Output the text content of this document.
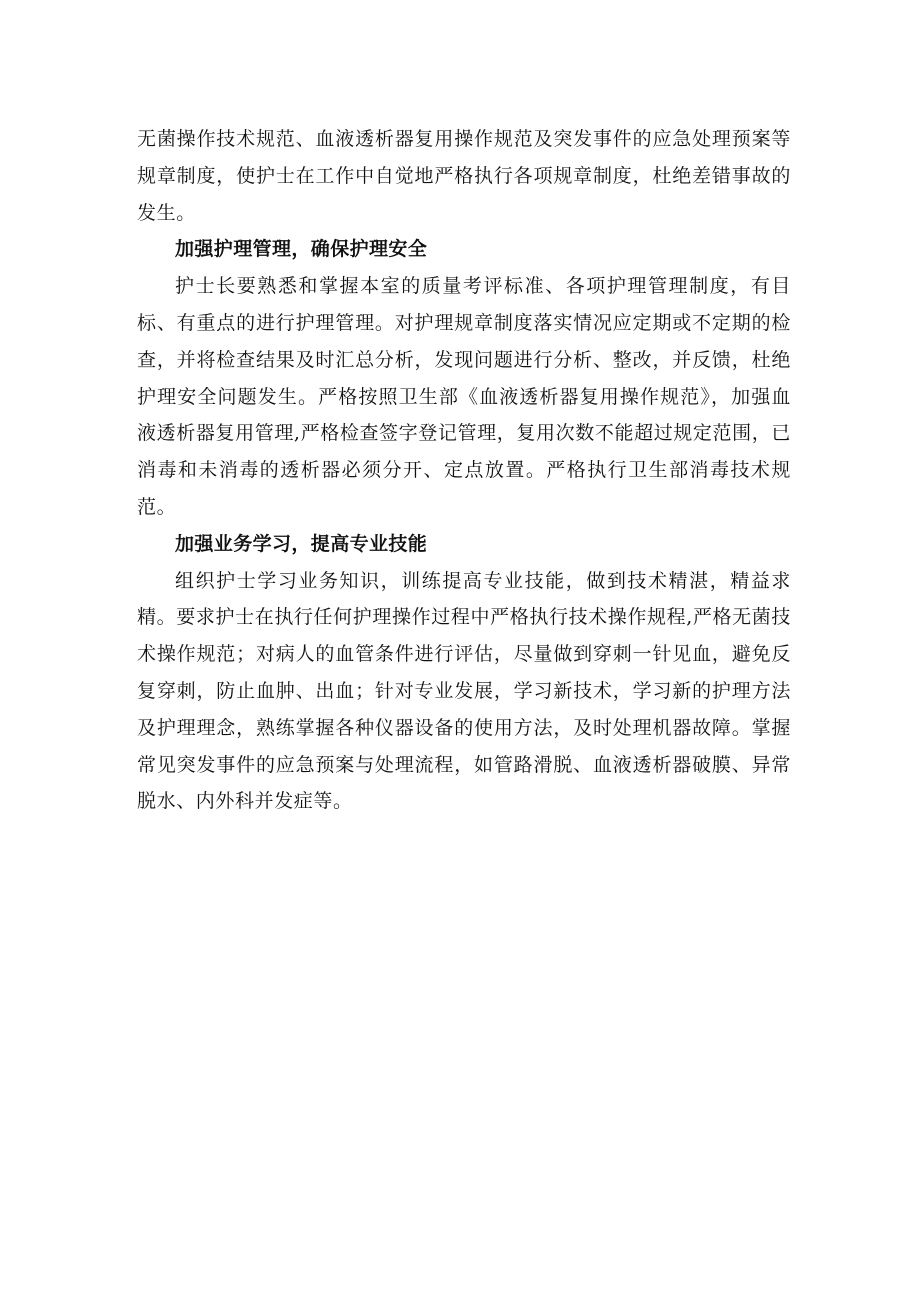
无菌操作技术规范、血液透析器复用操作规范及突发事件的应急处理预案等规章制度，使护士在工作中自觉地严格执行各项规章制度，杜绝差错事故的发生。

加强护理管理，确保护理安全

护士长要熟悉和掌握本室的质量考评标准、各项护理管理制度，有目标、有重点的进行护理管理。对护理规章制度落实情况应定期或不定期的检查，并将检查结果及时汇总分析，发现问题进行分析、整改，并反馈，杜绝护理安全问题发生。严格按照卫生部《血液透析器复用操作规范》，加强血液透析器复用管理,严格检查签字登记管理，复用次数不能超过规定范围，已消毒和未消毒的透析器必须分开、定点放置。严格执行卫生部消毒技术规范。

加强业务学习，提高专业技能

组织护士学习业务知识，训练提高专业技能，做到技术精湛，精益求精。要求护士在执行任何护理操作过程中严格执行技术操作规程,严格无菌技术操作规范；对病人的血管条件进行评估，尽量做到穿刺一针见血，避免反复穿刺，防止血肿、出血；针对专业发展，学习新技术，学习新的护理方法及护理理念，熟练掌握各种仪器设备的使用方法，及时处理机器故障。掌握常见突发事件的应急预案与处理流程，如管路滑脱、血液透析器破膜、异常脱水、内外科并发症等。
